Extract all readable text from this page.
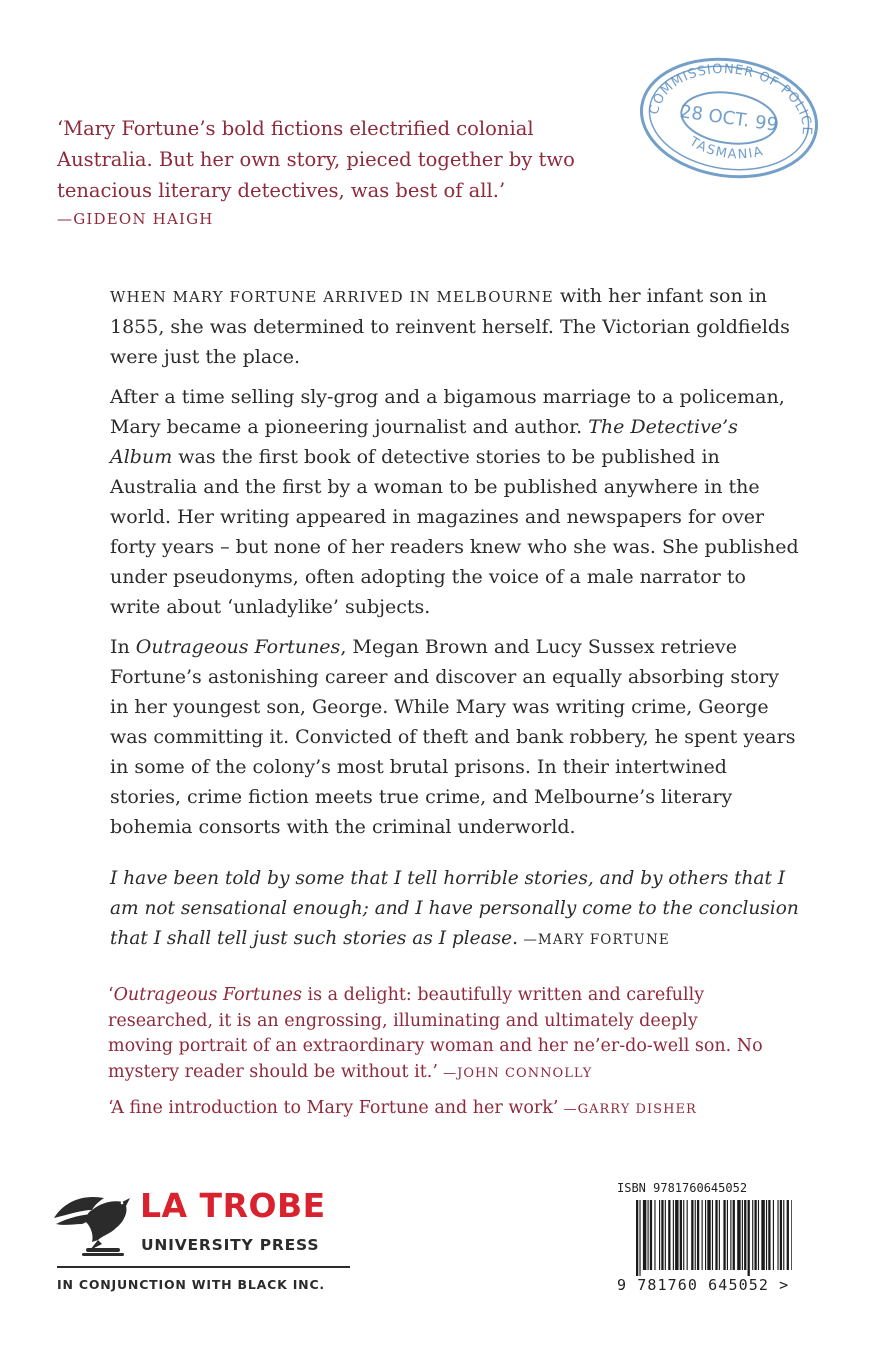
‘Mary Fortune’s bold fictions electrified colonial Australia. But her own story, pieced together by two tenacious literary detectives, was best of all.’
—GIDEON HAIGH
COMMISSIONER OF POLICE
TASMANIA
28 OCT. 99

WHEN MARY FORTUNE ARRIVED IN MELBOURNE with her infant son in 1855, she was determined to reinvent herself. The Victorian goldfields were just the place.

After a time selling sly-grog and a bigamous marriage to a policeman, Mary became a pioneering journalist and author. The Detective’s Album was the first book of detective stories to be published in Australia and the first by a woman to be published anywhere in the world. Her writing appeared in magazines and newspapers for over forty years – but none of her readers knew who she was. She published under pseudonyms, often adopting the voice of a male narrator to write about ‘unladylike’ subjects.

In Outrageous Fortunes, Megan Brown and Lucy Sussex retrieve Fortune’s astonishing career and discover an equally absorbing story in her youngest son, George. While Mary was writing crime, George was committing it. Convicted of theft and bank robbery, he spent years in some of the colony’s most brutal prisons. In their intertwined stories, crime fiction meets true crime, and Melbourne’s literary bohemia consorts with the criminal underworld.

I have been told by some that I tell horrible stories, and by others that I am not sensational enough; and I have personally come to the conclusion that I shall tell just such stories as I please. —MARY FORTUNE
‘Outrageous Fortunes is a delight: beautifully written and carefully researched, it is an engrossing, illuminating and ultimately deeply moving portrait of an extraordinary woman and her ne’er-do-well son. No mystery reader should be without it.’ —JOHN CONNOLLY
‘A fine introduction to Mary Fortune and her work’ —GARRY DISHER
LA TROBE
UNIVERSITY PRESS
IN CONJUNCTION WITH BLACK INC.
ISBN 9781760645052
9 781760 645052 >
